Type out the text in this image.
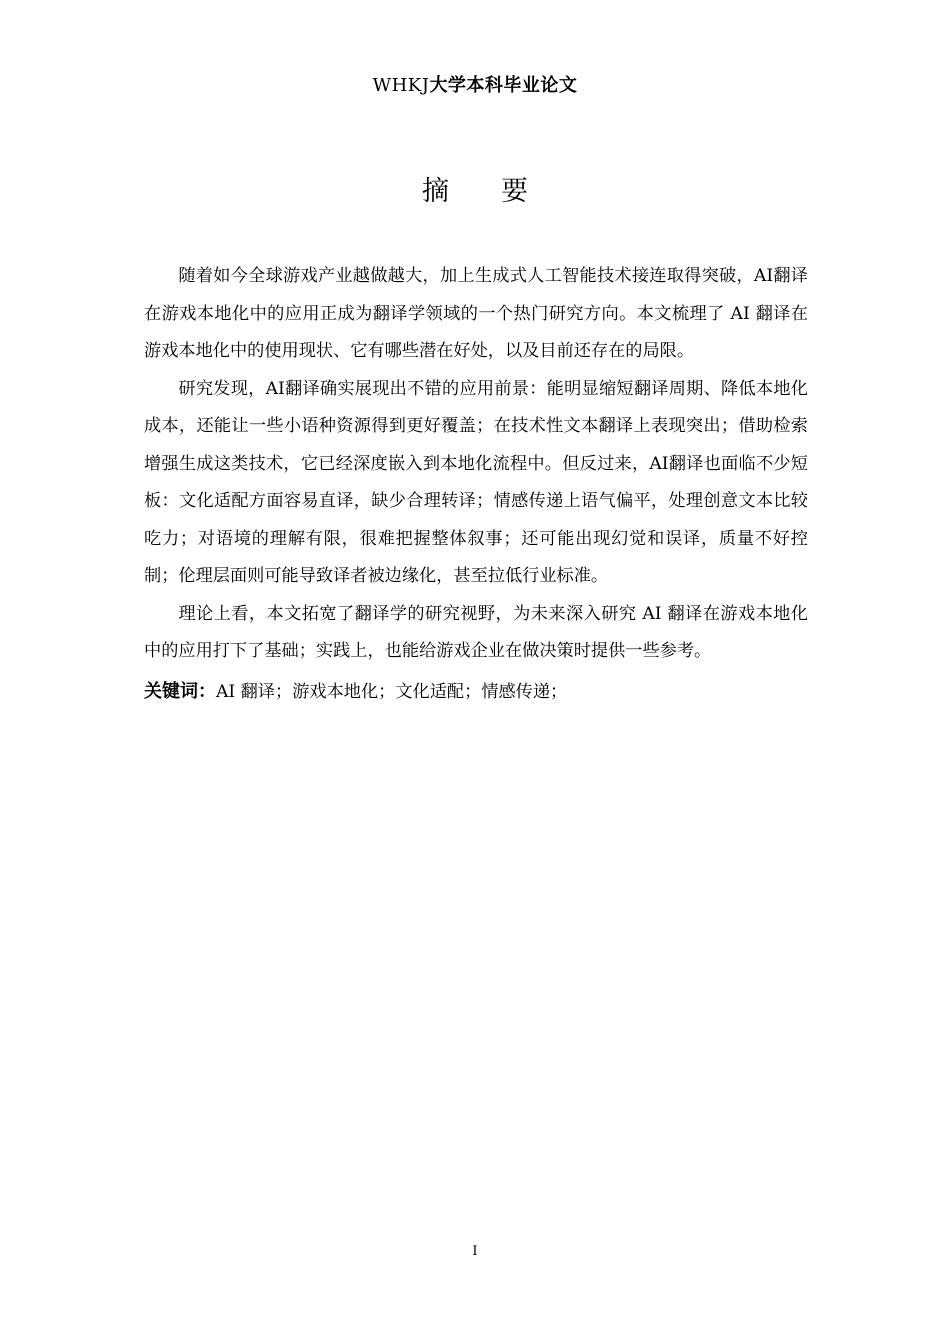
WHKJ大学本科毕业论文
摘要

随着如今全球游戏产业越做越大，加上生成式人工智能技术接连取得突破，AI翻译在游戏本地化中的应用正成为翻译学领域的一个热门研究方向。本文梳理了 AI 翻译在游戏本地化中的使用现状、它有哪些潜在好处，以及目前还存在的局限。

研究发现，AI翻译确实展现出不错的应用前景：能明显缩短翻译周期、降低本地化成本，还能让一些小语种资源得到更好覆盖；在技术性文本翻译上表现突出；借助检索增强生成这类技术，它已经深度嵌入到本地化流程中。但反过来，AI翻译也面临不少短板：文化适配方面容易直译，缺少合理转译；情感传递上语气偏平，处理创意文本比较吃力；对语境的理解有限，很难把握整体叙事；还可能出现幻觉和误译，质量不好控制；伦理层面则可能导致译者被边缘化，甚至拉低行业标准。

理论上看，本文拓宽了翻译学的研究视野，为未来深入研究 AI 翻译在游戏本地化中的应用打下了基础；实践上，也能给游戏企业在做决策时提供一些参考。

关键词：AI 翻译；游戏本地化；文化适配；情感传递；

I
